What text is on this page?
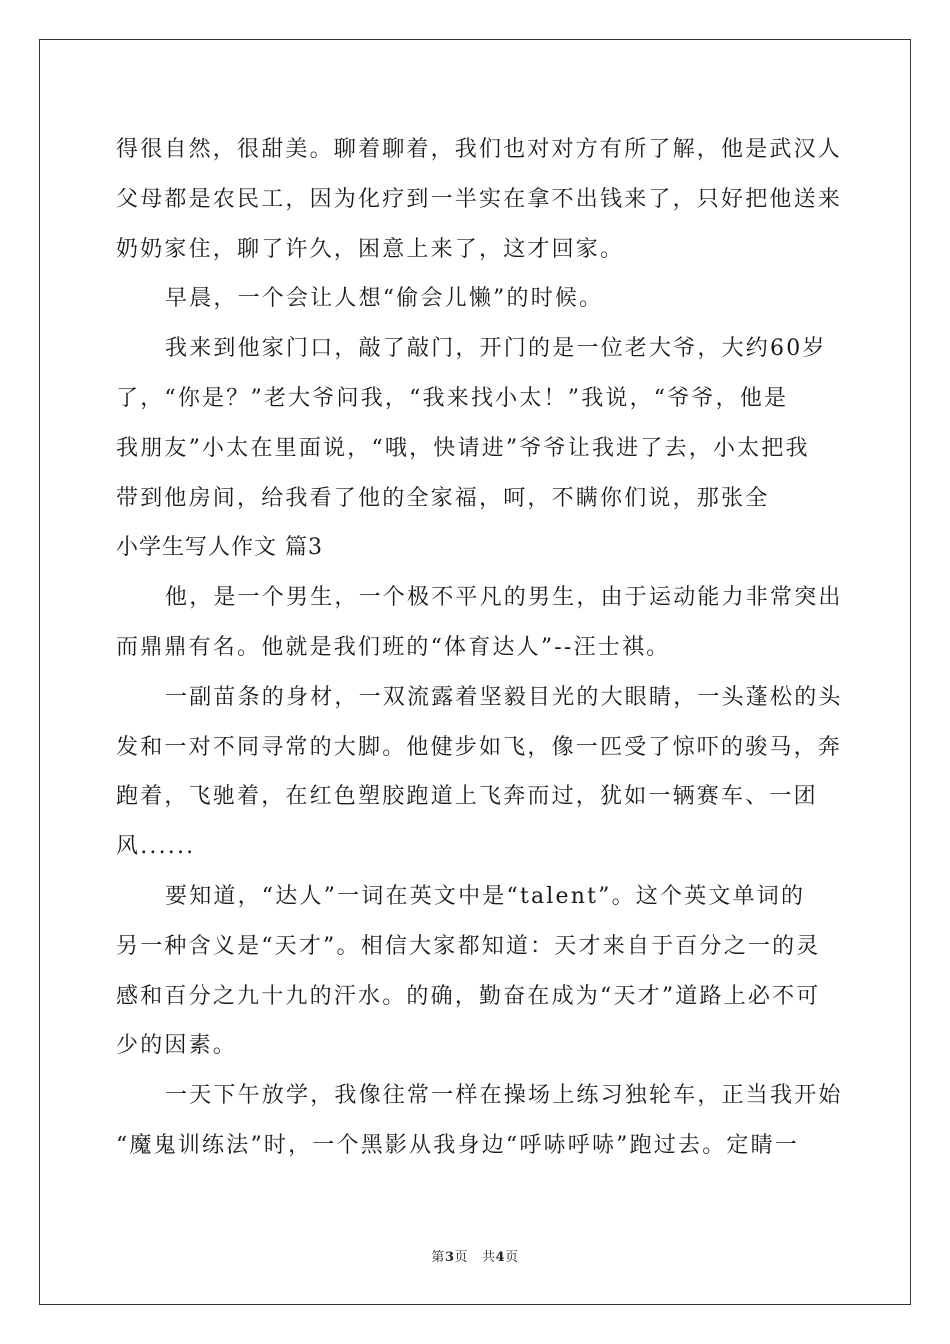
得很自然，很甜美。聊着聊着，我们也对对方有所了解，他是武汉人
父母都是农民工，因为化疗到一半实在拿不出钱来了，只好把他送来
奶奶家住，聊了许久，困意上来了，这才回家。
早晨，一个会让人想“偷会儿懒”的时候。
我来到他家门口，敲了敲门，开门的是一位老大爷，大约60岁
了，“你是？”老大爷问我，“我来找小太！”我说，“爷爷，他是
我朋友”小太在里面说，“哦，快请进”爷爷让我进了去，小太把我
带到他房间，给我看了他的全家福，呵，不瞒你们说，那张全
小学生写人作文 篇3
他，是一个男生，一个极不平凡的男生，由于运动能力非常突出
而鼎鼎有名。他就是我们班的“体育达人”--汪士祺。
一副苗条的身材，一双流露着坚毅目光的大眼睛，一头蓬松的头
发和一对不同寻常的大脚。他健步如飞，像一匹受了惊吓的骏马，奔
跑着，飞驰着，在红色塑胶跑道上飞奔而过，犹如一辆赛车、一团
风......
要知道，“达人”一词在英文中是“talent”。这个英文单词的
另一种含义是“天才”。相信大家都知道：天才来自于百分之一的灵
感和百分之九十九的汗水。的确，勤奋在成为“天才”道路上必不可
少的因素。
一天下午放学，我像往常一样在操场上练习独轮车，正当我开始
“魔鬼训练法”时，一个黑影从我身边“呼哧呼哧”跑过去。定睛一
第3页 共4页
